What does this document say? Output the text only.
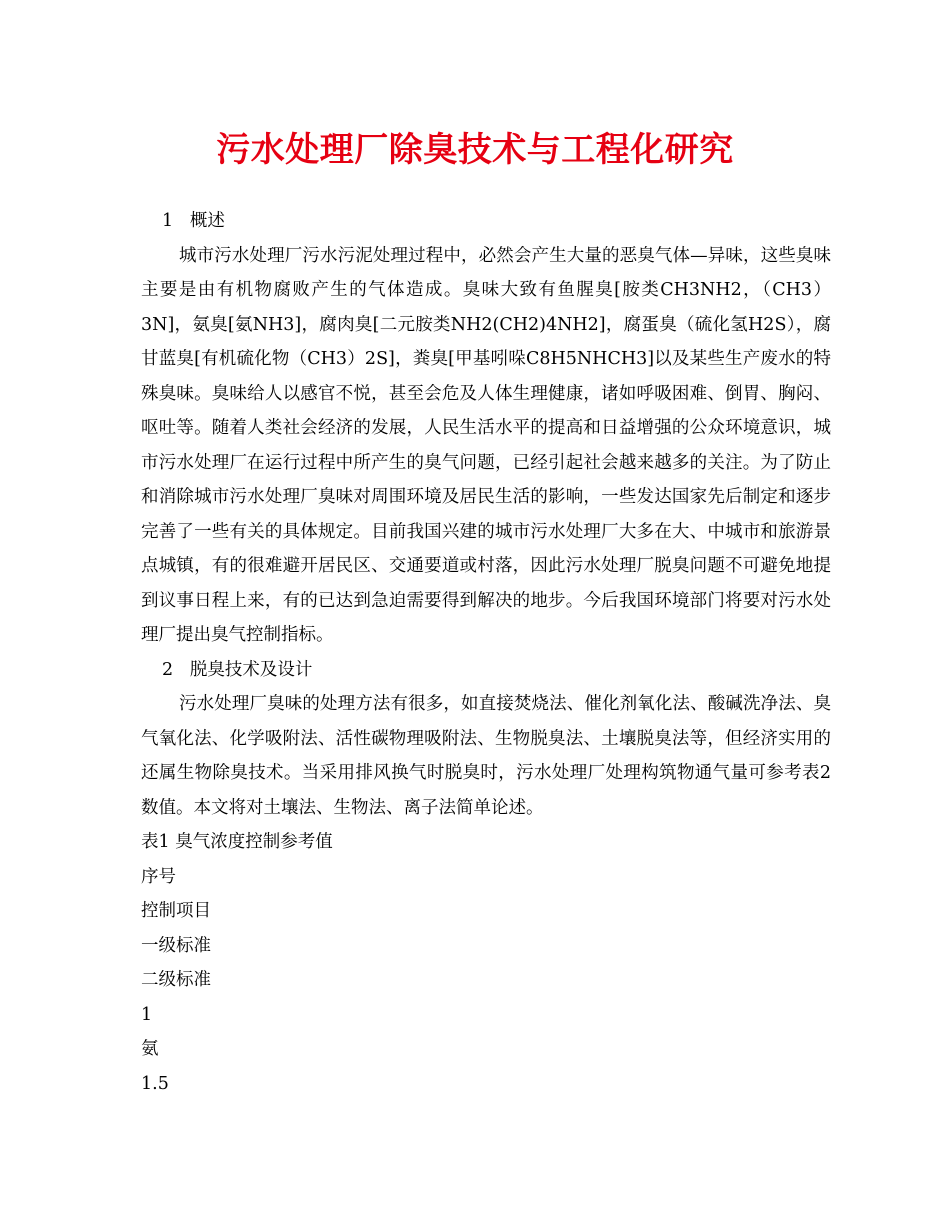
污水处理厂除臭技术与工程化研究

1   概述

城市污水处理厂污水污泥处理过程中，必然会产生大量的恶臭气体—异味，这些臭味主要是由有机物腐败产生的气体造成。臭味大致有鱼腥臭[胺类CH3NH2，（CH3）3N]，氨臭[氨NH3]，腐肉臭[二元胺类NH2(CH2)4NH2]，腐蛋臭（硫化氢H2S），腐甘蓝臭[有机硫化物（CH3）2S]，粪臭[甲基吲哚C8H5NHCH3]以及某些生产废水的特殊臭味。臭味给人以感官不悦，甚至会危及人体生理健康，诸如呼吸困难、倒胃、胸闷、呕吐等。随着人类社会经济的发展，人民生活水平的提高和日益增强的公众环境意识，城市污水处理厂在运行过程中所产生的臭气问题，已经引起社会越来越多的关注。为了防止和消除城市污水处理厂臭味对周围环境及居民生活的影响，一些发达国家先后制定和逐步完善了一些有关的具体规定。目前我国兴建的城市污水处理厂大多在大、中城市和旅游景点城镇，有的很难避开居民区、交通要道或村落，因此污水处理厂脱臭问题不可避免地提到议事日程上来，有的已达到急迫需要得到解决的地步。今后我国环境部门将要对污水处理厂提出臭气控制指标。

2   脱臭技术及设计

污水处理厂臭味的处理方法有很多，如直接焚烧法、催化剂氧化法、酸碱洗净法、臭气氧化法、化学吸附法、活性碳物理吸附法、生物脱臭法、土壤脱臭法等，但经济实用的还属生物除臭技术。当采用排风换气时脱臭时，污水处理厂处理构筑物通气量可参考表2数值。本文将对土壤法、生物法、离子法简单论述。

表1 臭气浓度控制参考值

序号

控制项目

一级标准

二级标准

1

氨

1.5
